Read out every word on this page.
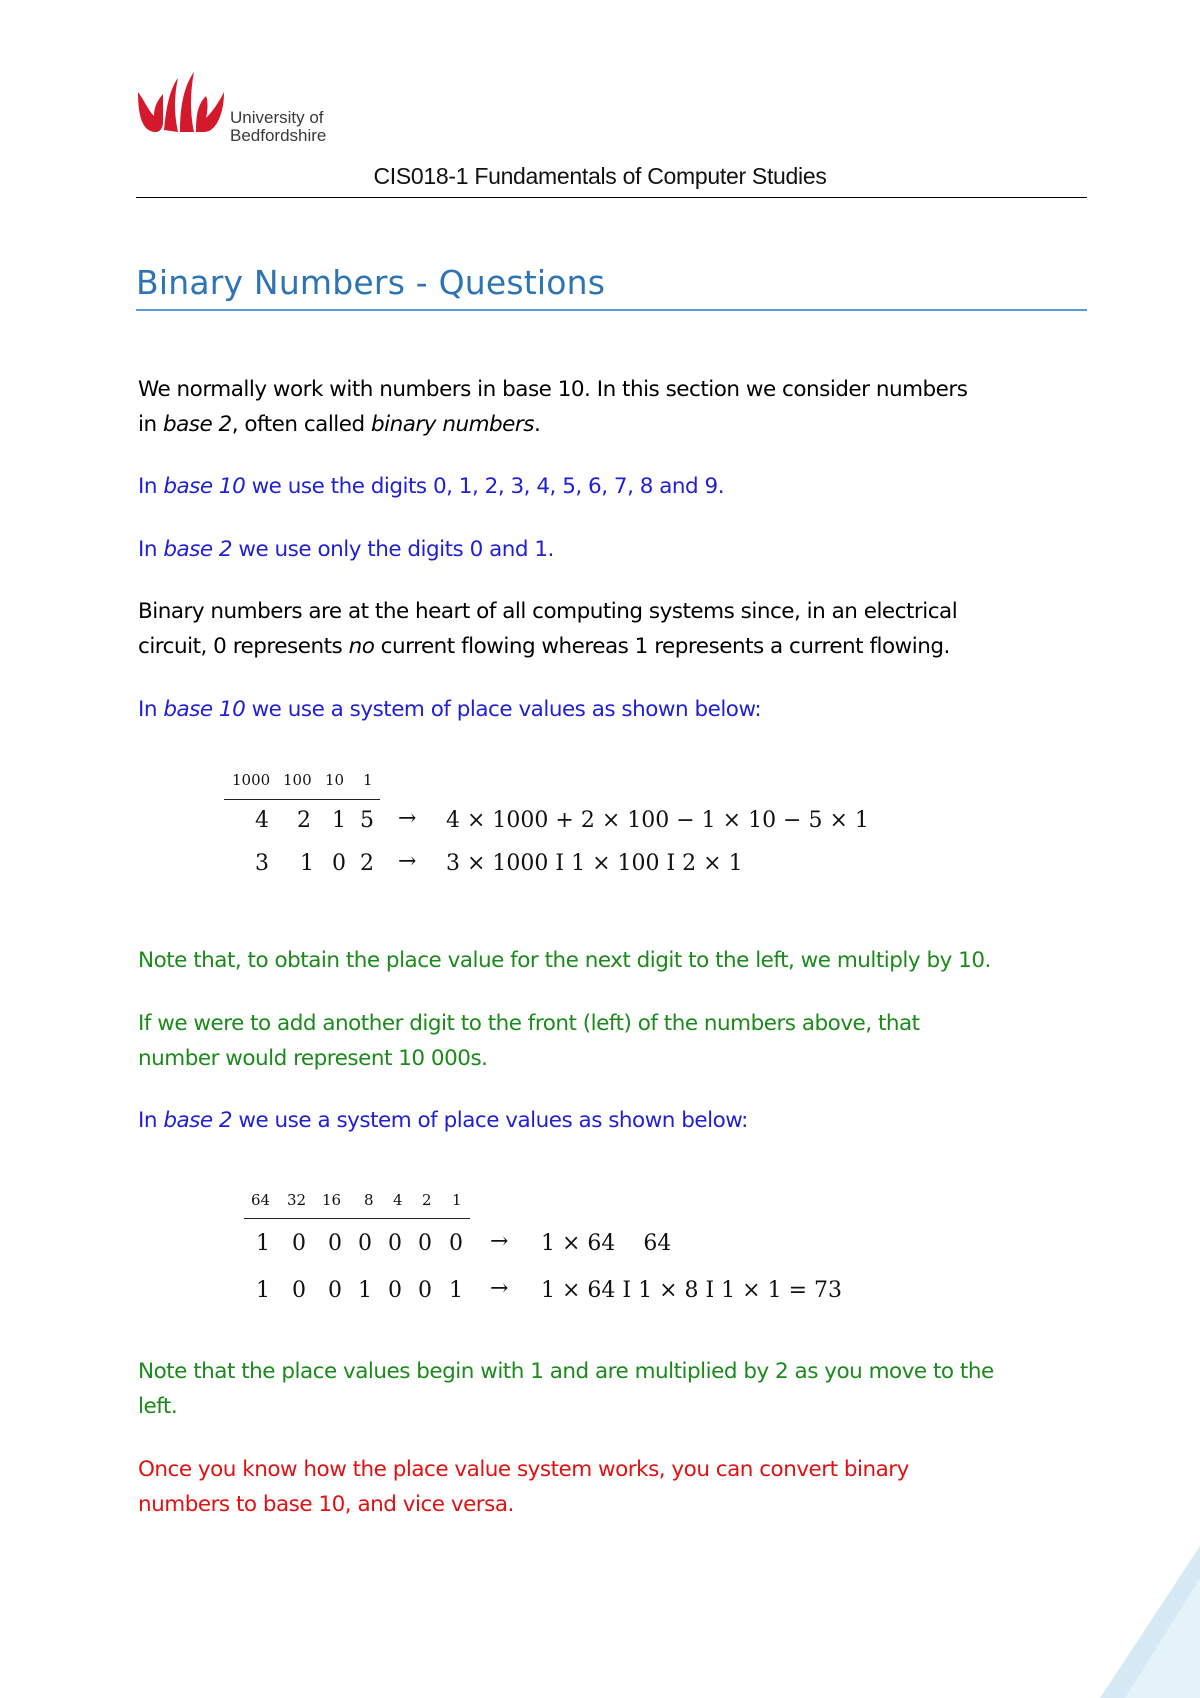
University of
Bedfordshire
CIS018-1 Fundamentals of Computer Studies
Binary Numbers - Questions

We normally work with numbers in base 10. In this section we consider numbers
in base 2, often called binary numbers.

In base 10 we use the digits 0, 1, 2, 3, 4, 5, 6, 7, 8 and 9.

In base 2 we use only the digits 0 and 1.

Binary numbers are at the heart of all computing systems since, in an electrical
circuit, 0 represents no current flowing whereas 1 represents a current flowing.

In base 10 we use a system of place values as shown below:

1000 100 10 1
4 2 1 5 → 4 × 1000 + 2 × 100 − 1 × 10 − 5 × 1
3 1 0 2 → 3 × 1000 I 1 × 100 I 2 × 1

Note that, to obtain the place value for the next digit to the left, we multiply by 10.

If we were to add another digit to the front (left) of the numbers above, that
number would represent 10 000s.

In base 2 we use a system of place values as shown below:

64 32 16 8 4 2 1
1 0 0 0 0 0 0 → 1 × 64    64
1 0 0 1 0 0 1 → 1 × 64 I 1 × 8 I 1 × 1 = 73

Note that the place values begin with 1 and are multiplied by 2 as you move to the
left.

Once you know how the place value system works, you can convert binary
numbers to base 10, and vice versa.
